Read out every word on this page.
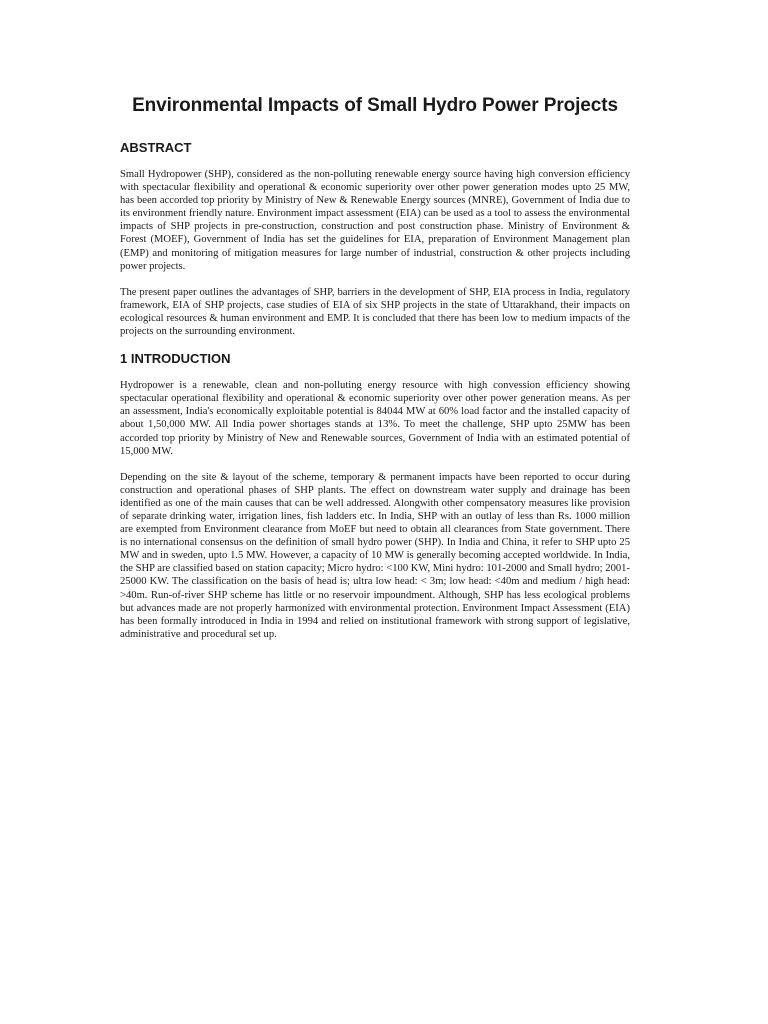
Environmental Impacts of Small Hydro Power Projects
ABSTRACT

Small Hydropower (SHP), considered as the non-polluting renewable energy source having high conversion efficiency with spectacular flexibility and operational & economic superiority over other power generation modes upto 25 MW, has been accorded top priority by Ministry of New & Renewable Energy sources (MNRE), Government of India due to its environment friendly nature. Environment impact assessment (EIA) can be used as a tool to assess the environmental impacts of SHP projects in pre-construction, construction and post construction phase. Ministry of Environment & Forest (MOEF), Government of India has set the guidelines for EIA, preparation of Environment Management plan (EMP) and monitoring of mitigation measures for large number of industrial, construction & other projects including power projects.

The present paper outlines the advantages of SHP, barriers in the development of SHP, EIA process in India, regulatory framework, EIA of SHP projects, case studies of EIA of six SHP projects in the state of Uttarakhand, their impacts on ecological resources & human environment and EMP. It is concluded that there has been low to medium impacts of the projects on the surrounding environment.

1 INTRODUCTION

Hydropower is a renewable, clean and non-polluting energy resource with high convession efficiency showing spectacular operational flexibility and operational & economic superiority over other power generation means. As per an assessment, India's economically exploitable potential is 84044 MW at 60% load factor and the installed capacity of about 1,50,000 MW. All India power shortages stands at 13%. To meet the challenge, SHP upto 25MW has been accorded top priority by Ministry of New and Renewable sources, Government of India with an estimated potential of 15,000 MW.

Depending on the site & layout of the scheme, temporary & permanent impacts have been reported to occur during construction and operational phases of SHP plants. The effect on downstream water supply and drainage has been identified as one of the main causes that can be well addressed. Alongwith other compensatory measures like provision of separate drinking water, irrigation lines, fish ladders etc. In India, SHP with an outlay of less than Rs. 1000 million are exempted from Environment clearance from MoEF but need to obtain all clearances from State government. There is no international consensus on the definition of small hydro power (SHP). In India and China, it refer to SHP upto 25 MW and in sweden, upto 1.5 MW. However, a capacity of 10 MW is generally becoming accepted worldwide. In India, the SHP are classified based on station capacity; Micro hydro: <100 KW, Mini hydro: 101-2000 and Small hydro; 2001-25000 KW. The classification on the basis of head is; ultra low head: < 3m; low head: <40m and medium / high head: >40m. Run-of-river SHP scheme has little or no reservoir impoundment. Although, SHP has less ecological problems but advances made are not properly harmonized with environmental protection. Environment Impact Assessment (EIA) has been formally introduced in India in 1994 and relied on institutional framework with strong support of legislative, administrative and procedural set up.
